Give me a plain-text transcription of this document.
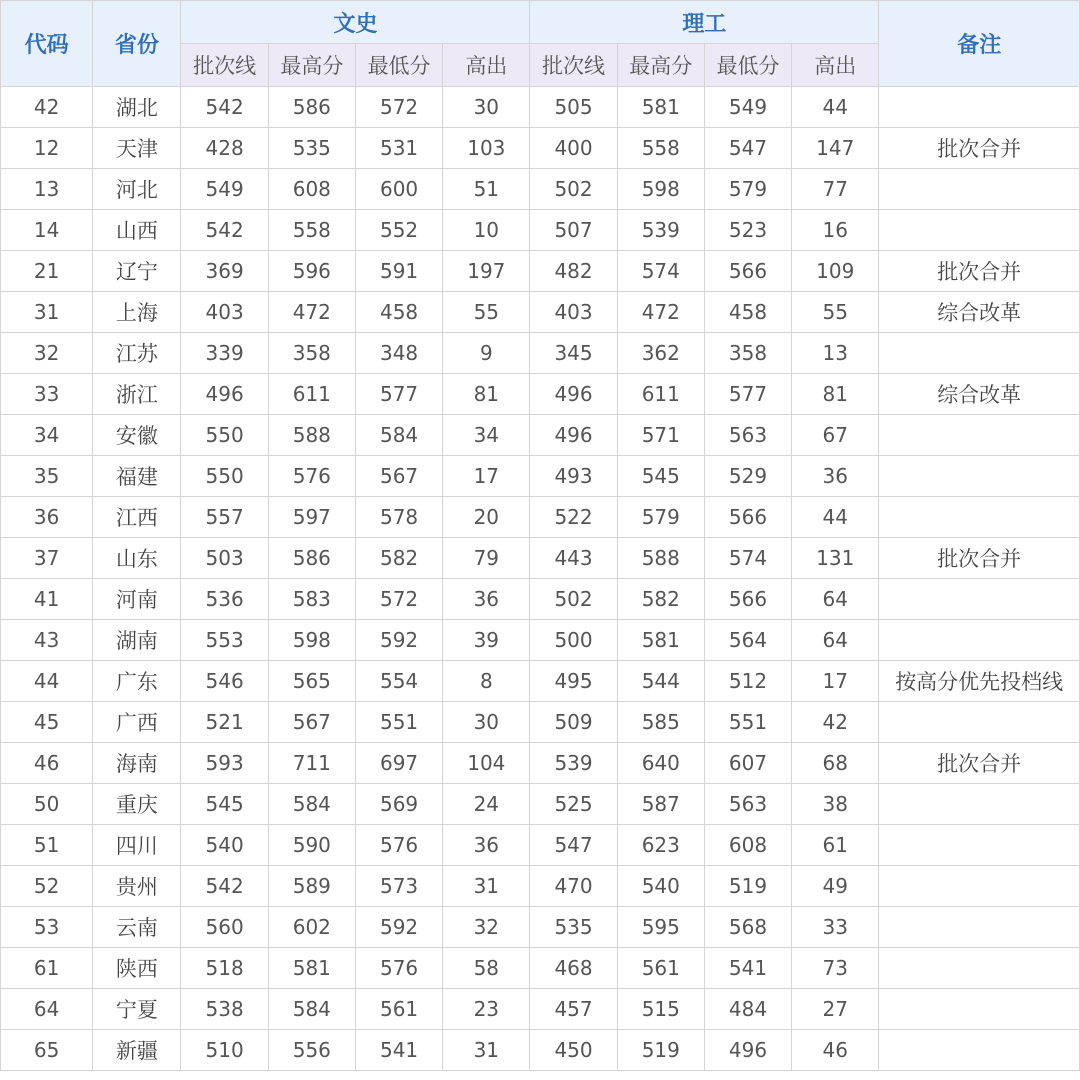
代码	省份	文史				理工				备注
		批次线	最高分	最低分	高出	批次线	最高分	最低分	高出	
42	湖北	542	586	572	30	505	581	549	44	
12	天津	428	535	531	103	400	558	547	147	批次合并
13	河北	549	608	600	51	502	598	579	77	
14	山西	542	558	552	10	507	539	523	16	
21	辽宁	369	596	591	197	482	574	566	109	批次合并
31	上海	403	472	458	55	403	472	458	55	综合改革
32	江苏	339	358	348	9	345	362	358	13	
33	浙江	496	611	577	81	496	611	577	81	综合改革
34	安徽	550	588	584	34	496	571	563	67	
35	福建	550	576	567	17	493	545	529	36	
36	江西	557	597	578	20	522	579	566	44	
37	山东	503	586	582	79	443	588	574	131	批次合并
41	河南	536	583	572	36	502	582	566	64	
43	湖南	553	598	592	39	500	581	564	64	
44	广东	546	565	554	8	495	544	512	17	按高分优先投档线
45	广西	521	567	551	30	509	585	551	42	
46	海南	593	711	697	104	539	640	607	68	批次合并
50	重庆	545	584	569	24	525	587	563	38	
51	四川	540	590	576	36	547	623	608	61	
52	贵州	542	589	573	31	470	540	519	49	
53	云南	560	602	592	32	535	595	568	33	
61	陕西	518	581	576	58	468	561	541	73	
64	宁夏	538	584	561	23	457	515	484	27	
65	新疆	510	556	541	31	450	519	496	46	
